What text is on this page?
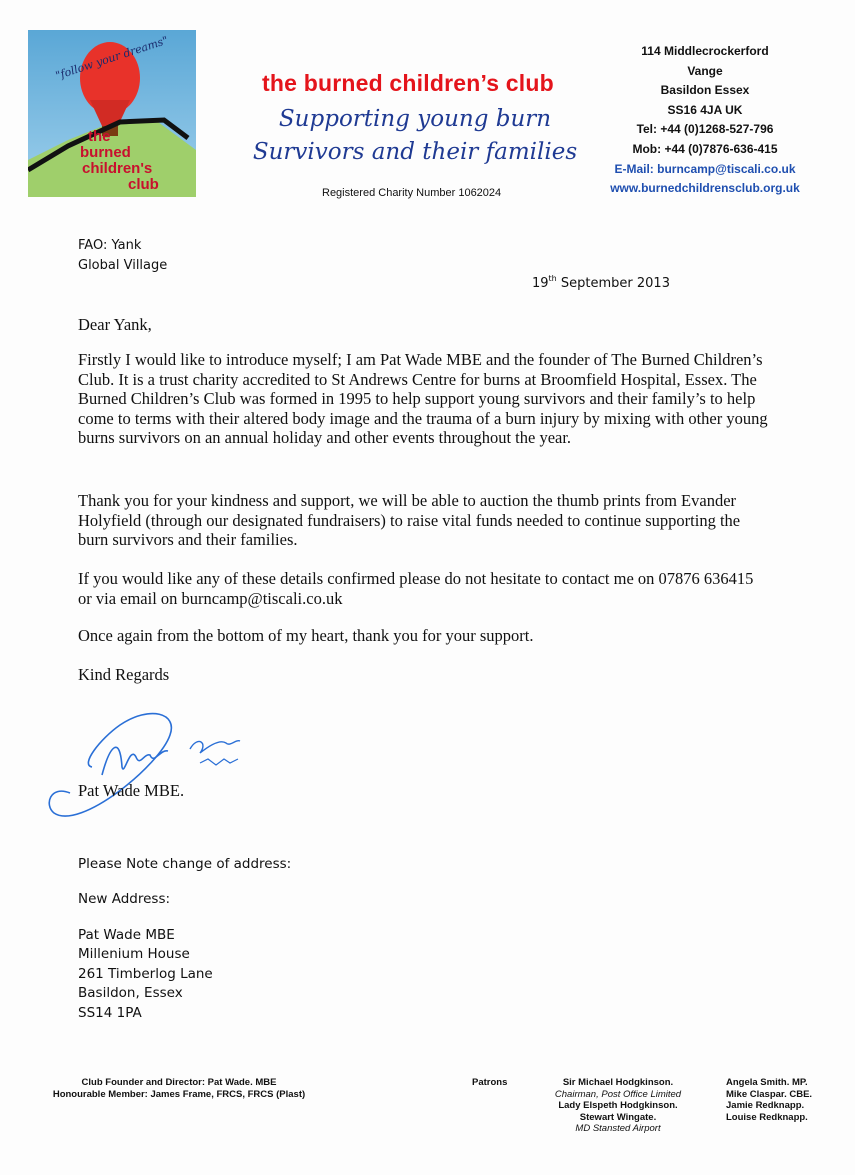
"follow your dreams"
the
burned
children's
club
the burned children’s club
Supporting young burn
Survivors and their families
Registered Charity Number 1062024
114 Middlecrockerford
Vange
Basildon Essex
SS16 4JA UK
Tel: +44 (0)1268-527-796
Mob: +44 (0)7876-636-415
E-Mail: burncamp@tiscali.co.uk
www.burnedchildrensclub.org.uk
FAO: Yank
Global Village
19th September 2013
Dear Yank,
Firstly I would like to introduce myself; I am Pat Wade MBE and the founder of The Burned Children’s Club. It is a trust charity accredited to St Andrews Centre for burns at Broomfield Hospital, Essex. The Burned Children’s Club was formed in 1995 to help support young survivors and their family’s to help come to terms with their altered body image and the trauma of a burn injury by mixing with other young burns survivors on an annual holiday and other events throughout the year.
Thank you for your kindness and support, we will be able to auction the thumb prints from Evander Holyfield (through our designated fundraisers) to raise vital funds needed to continue supporting the burn survivors and their families.
If you would like any of these details confirmed please do not hesitate to contact me on 07876 636415 or via email on burncamp@tiscali.co.uk
Once again from the bottom of my heart, thank you for your support.
Kind Regards
Pat Wade MBE.
Please Note change of address:
New Address:
Pat Wade MBE
Millenium House
261 Timberlog Lane
Basildon, Essex
SS14 1PA
Club Founder and Director: Pat Wade. MBE
Honourable Member: James Frame, FRCS, FRCS (Plast)
Patrons	Sir Michael Hodgkinson.
Chairman, Post Office Limited
Lady Elspeth Hodgkinson.
Stewart Wingate.
MD Stansted Airport
Angela Smith. MP.
Mike Claspar. CBE.
Jamie Redknapp.
Louise Redknapp.
